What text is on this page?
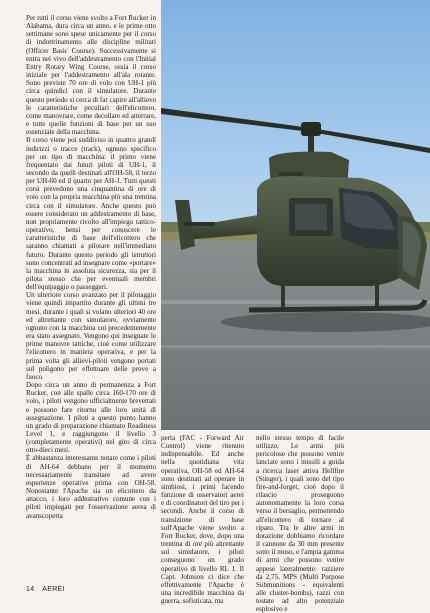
Per tutti il corso viene svolto a Fort Rucker in Alabama, dura circa un anno, e le prime otto settimane sono spese unicamente per il corso di indottrinamento alle discipline militari (Officer Basic Course). Successivamente si entra nel vivo dell'addestramento con l'Initial Entry Rotary Wing Course, ossia il corso iniziale per l'addestramento all'ala rotante. Sono previste 70 ore di volo con UH-1 più circa quindici con il simulatore. Durante questo periodo si cerca di far capire all'allievo le caratteristiche peculiari dell'elicottero, come manovrare, come decollare ed atterrare, e tutte quelle funzioni di base per un uso essenziale della macchina.

Il corso viene poi suddiviso in quattro grandi indirizzi o tracce (track), ognuno specifico per un tipo di macchina: il primo viene frequentato dai futuri piloti di UH-1, il secondo da quelli destinati all'OH-58, il terzo per UH-60 ed il quarto per AH-1. Tutti questi corsi prevedono una cinquantina di ore di volo con la propria macchina più una trentina circa con il simulatore. Anche questo può essere considerato un addestramento di base, non propriamente rivolto all'impiego tattico-operativo, bensì per conoscere le caratteristiche di base dell'elicottero che saranno chiamati a pilotare nell'immediato futuro. Durante questo periodo gli istruttori sono concentrati ad insegnare come «portare» la macchina in assoluta sicurezza, sia per il pilota stesso che per eventuali membri dell'equipaggio o passeggeri.

Un ulteriore corso avanzato per il pilotaggio viene quindi impartito durante gli ultimi tre mesi, durante i quali si volano ulteriori 40 ore ed altrettante con simulatore, ovviamente ognuno con la macchina cui precedentemente era stato assegnato. Vengono qui insegnate le prime manovre tattiche, cioè come utilizzare l'elicottero in maniera operativa, e per la prima volta gli allievi-piloti vengono portati sul poligono per effettuare delle prove a fuoco.

Dopo circa un anno di permanenza a Fort Rucker, con alle spalle circa 160-170 ore di volo, i piloti vengono ufficialmente brevettati e possono fare ritorno alle loro unità di assegnazione. I piloti a questo punto hanno un grado di preparazione chiamato Readiness Level 1, e raggiungono il livello 3 (completamente operativi) nel giro di circa otto-dieci mesi.

È abbastanza interessante notare come i piloti di AH-64 debbano per il momento necessariamente transitare ad avere esperienze operative prima con OH-58. Nonostante l'Apache sia un elicottero da attacco, i loro addestrativo comune con i piloti impiegati per l'osservazione aerea di avanscoperta

perta (FAC - Forward Air Control) viene ritenuto indispensabile. Ed anche nella quotidiana vita operativa, OH-58 ed AH-64 sono destinati ad operare in simbiosi, i primi facendo funzione di osservatori aerei e di coordinatori del tiro per i secondi. Anche il corso di transizione di base sull'Apache viene svolto a Fort Rucker, dove, dopo una trentina di ore più altrettante sul simulatore, i piloti conseguono un grado operativo di livello RL 1. Il Capt. Johnson ci dice che effettivamente l'Apache è una incredibile macchina da guerra, sofisticata, ma

nello stesso tempo di facile utilizzo. Le armi più pericolose che possono venire lanciate sono i missili a guida a ricerca laser attiva Hellfire (Stinger), i quali sono del tipo fire-and-forget, cioè dopo il rilascio proseguono autonomamente la loro corsa verso il bersaglio, permettendo all'elicottero di tornare al riparo. Tra le altre armi in dotazione dobbiamo ricordare il cannone da 30 mm presente sotto il muso, e l'ampia gamma di armi che possono venire appese lateralmente: razziere da 2,75, MPS (Multi Purpose Submunitions - equivalenti alle cluster-bombs), razzi con testate ad alto potenziale esplosivo e

14 AEREI
